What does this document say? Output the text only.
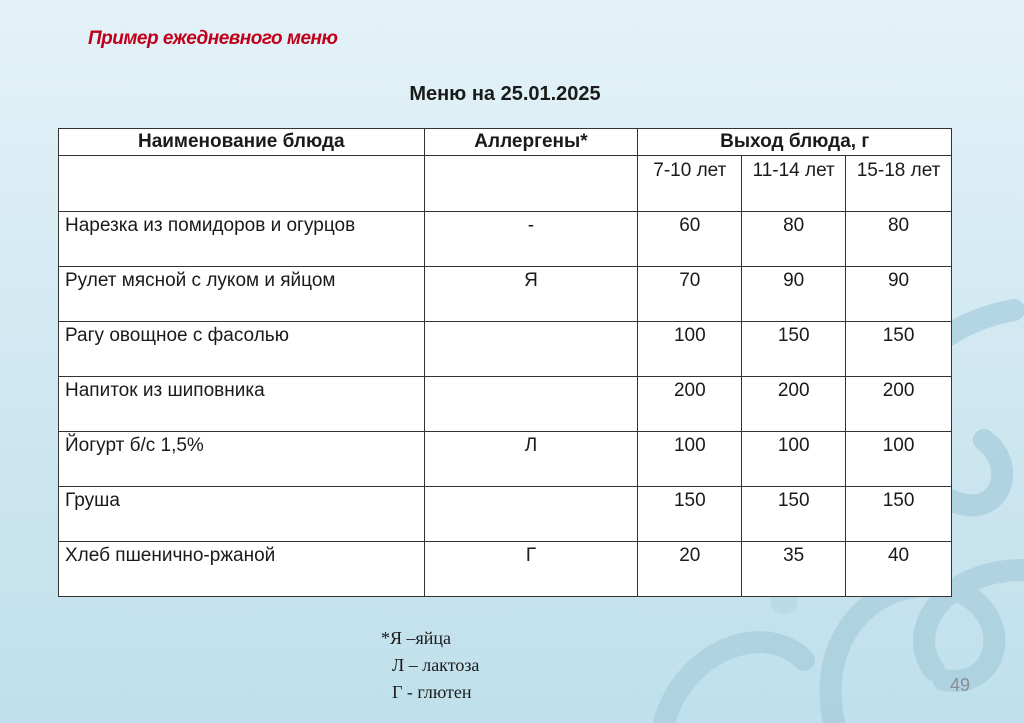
Пример ежедневного меню
Меню на 25.01.2025
Наименование блюда	Аллергены*	Выход блюда, г		
		7-10 лет	11-14 лет	15-18 лет
Нарезка из помидоров и огурцов	-	60	80	80
Рулет мясной с луком и яйцом	Я	70	90	90
Рагу овощное с фасолью		100	150	150
Напиток из шиповника		200	200	200
Йогурт б/с 1,5%	Л	100	100	100
Груша		150	150	150
Хлеб пшенично-ржаной	Г	20	35	40
*Я –яйца
Л – лактоза
Г - глютен	49
